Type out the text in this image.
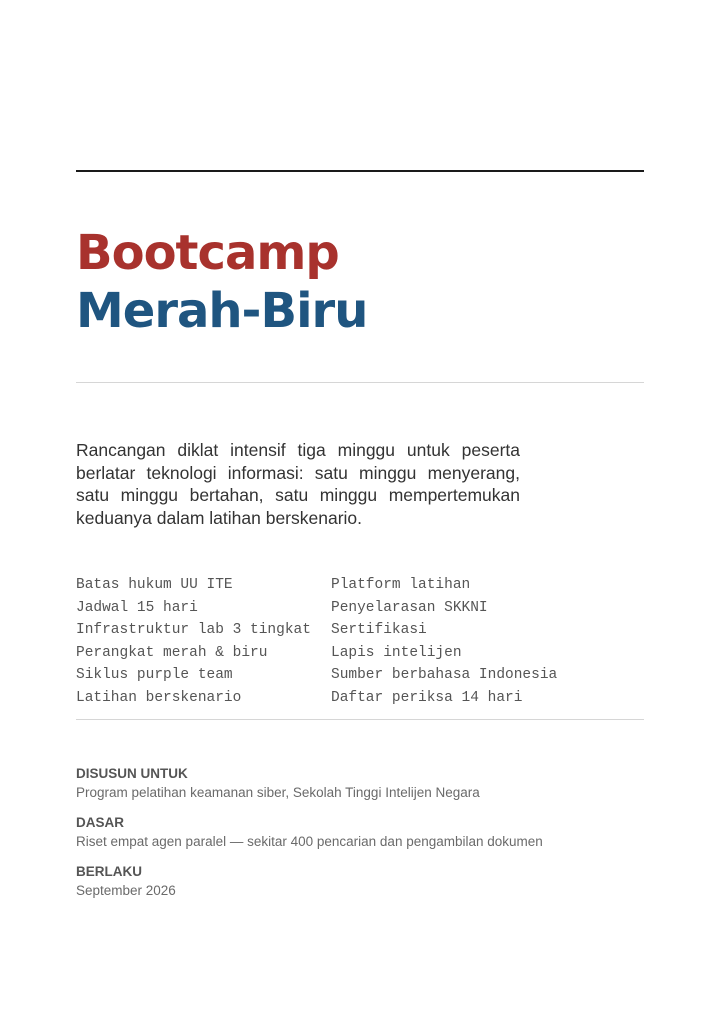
Bootcamp
Merah-Biru

Rancangan diklat intensif tiga minggu untuk peserta berlatar teknologi informasi: satu minggu menyerang, satu minggu bertahan, satu minggu mempertemukan keduanya dalam latihan berskenario.

Batas hukum UU ITE
Jadwal 15 hari
Infrastruktur lab 3 tingkat
Perangkat merah & biru
Siklus purple team
Latihan berskenario
Platform latihan
Penyelarasan SKKNI
Sertifikasi
Lapis intelijen
Sumber berbahasa Indonesia
Daftar periksa 14 hari
DISUSUN UNTUK
Program pelatihan keamanan siber, Sekolah Tinggi Intelijen Negara
DASAR
Riset empat agen paralel — sekitar 400 pencarian dan pengambilan dokumen
BERLAKU
September 2026
